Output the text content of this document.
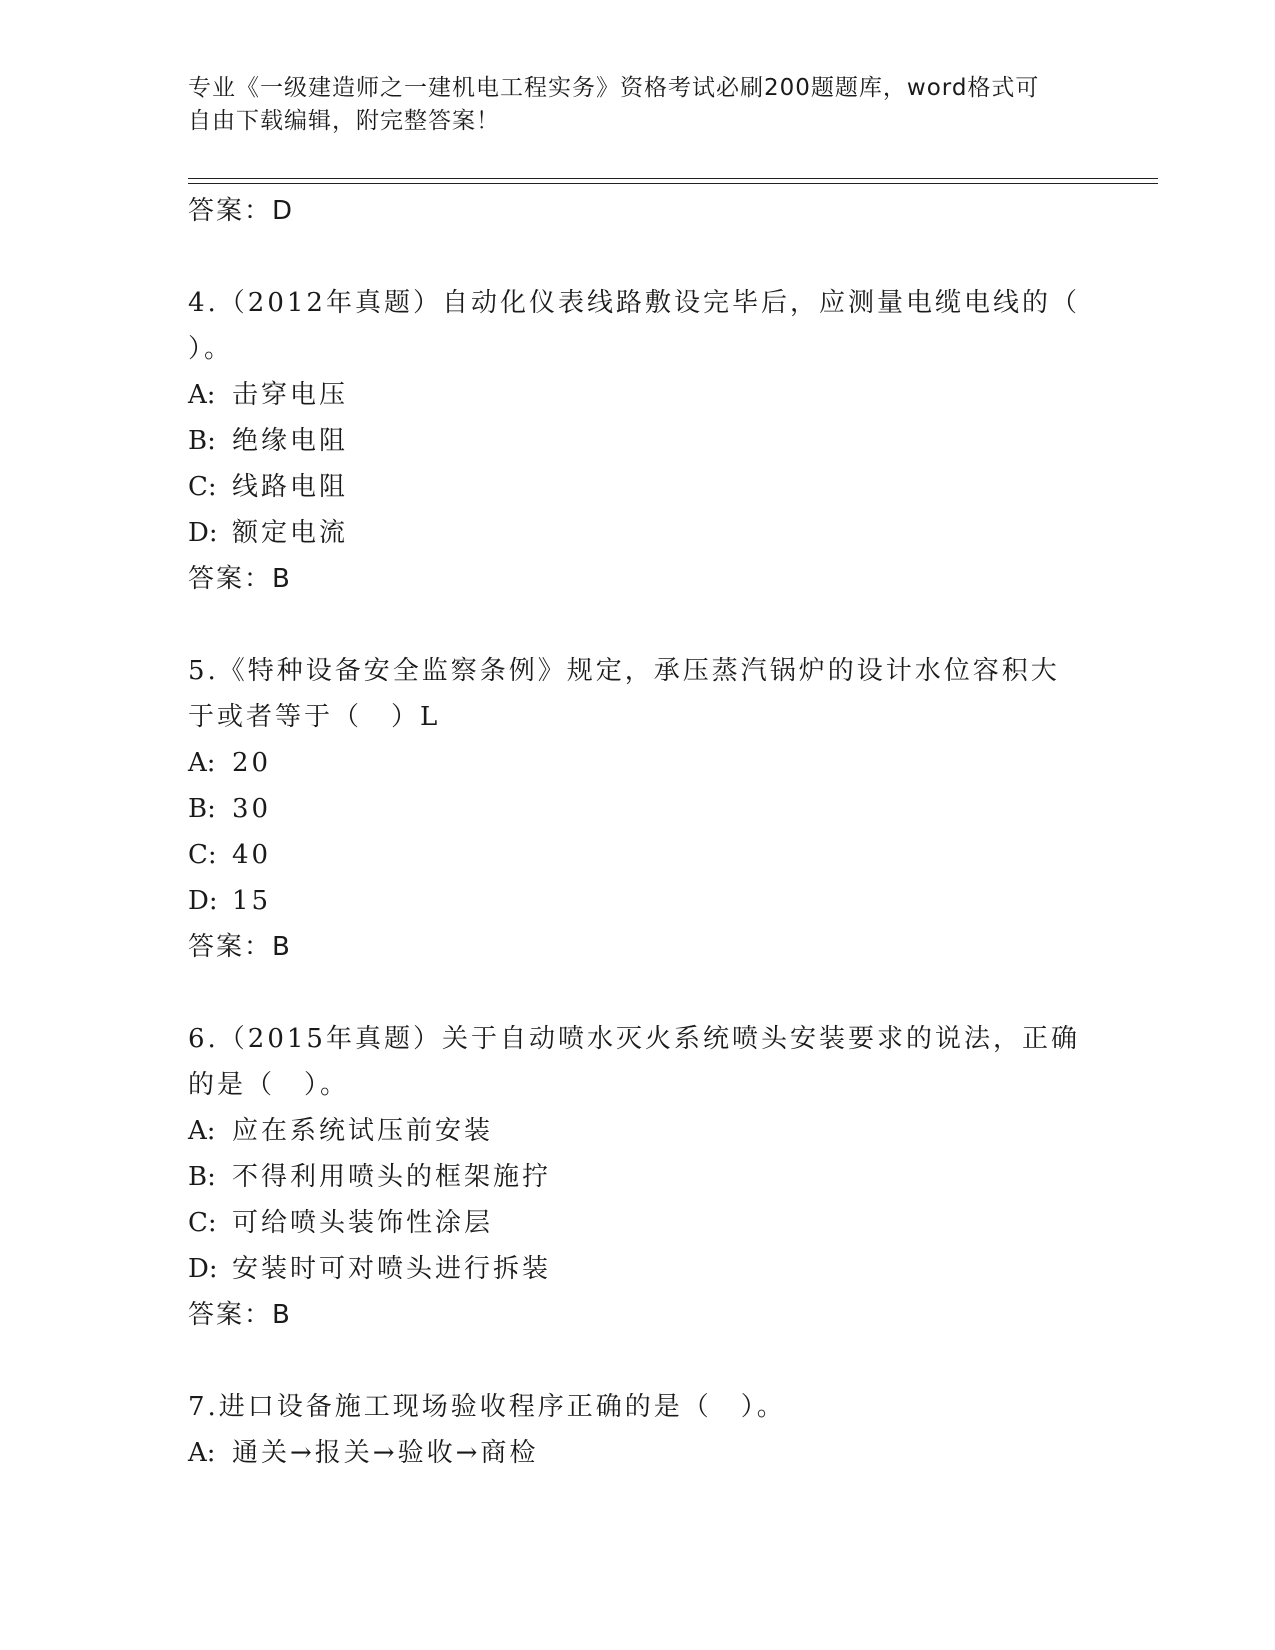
专业《一级建造师之一建机电工程实务》资格考试必刷200题题库，word格式可
自由下载编辑，附完整答案！
答案：D
4.（2012年真题）自动化仪表线路敷设完毕后，应测量电缆电线的（
）。
A: 击穿电压
B: 绝缘电阻
C: 线路电阻
D: 额定电流
答案：B
5.《特种设备安全监察条例》规定，承压蒸汽锅炉的设计水位容积大
于或者等于（　）L
A: 20
B: 30
C: 40
D: 15
答案：B
6.（2015年真题）关于自动喷水灭火系统喷头安装要求的说法，正确
的是（　）。
A: 应在系统试压前安装
B: 不得利用喷头的框架施拧
C: 可给喷头装饰性涂层
D: 安装时可对喷头进行拆装
答案：B
7.进口设备施工现场验收程序正确的是（　）。
A: 通关→报关→验收→商检
